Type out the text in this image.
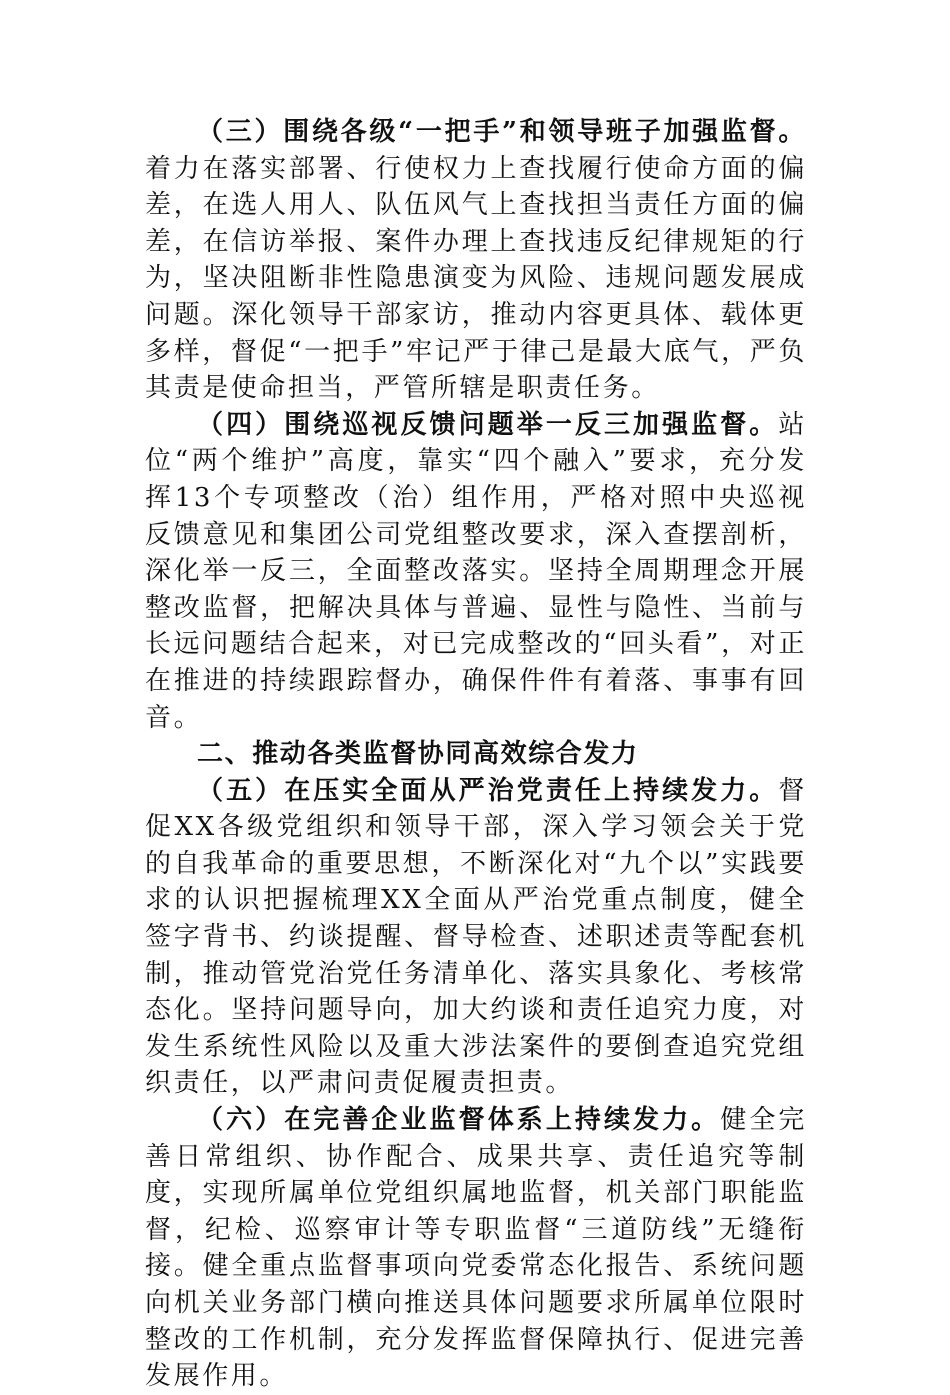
（三）围绕各级“一把手”和领导班子加强监督。着力在落实部署、行使权力上查找履行使命方面的偏差，在选人用人、队伍风气上查找担当责任方面的偏差，在信访举报、案件办理上查找违反纪律规矩的行为，坚决阻断非性隐患演变为风险、违规问题发展成问题。深化领导干部家访，推动内容更具体、载体更多样，督促“一把手”牢记严于律己是最大底气，严负其责是使命担当，严管所辖是职责任务。

（四）围绕巡视反馈问题举一反三加强监督。站位“两个维护”高度，靠实“四个融入”要求，充分发挥13个专项整改（治）组作用，严格对照中央巡视反馈意见和集团公司党组整改要求，深入查摆剖析，深化举一反三，全面整改落实。坚持全周期理念开展整改监督，把解决具体与普遍、显性与隐性、当前与长远问题结合起来，对已完成整改的“回头看”，对正在推进的持续跟踪督办，确保件件有着落、事事有回音。

二、推动各类监督协同高效综合发力

（五）在压实全面从严治党责任上持续发力。督促XX各级党组织和领导干部，深入学习领会关于党的自我革命的重要思想，不断深化对“九个以”实践要求的认识把握梳理XX全面从严治党重点制度，健全签字背书、约谈提醒、督导检查、述职述责等配套机制，推动管党治党任务清单化、落实具象化、考核常态化。坚持问题导向，加大约谈和责任追究力度，对发生系统性风险以及重大涉法案件的要倒查追究党组织责任，以严肃问责促履责担责。

（六）在完善企业监督体系上持续发力。健全完善日常组织、协作配合、成果共享、责任追究等制度，实现所属单位党组织属地监督，机关部门职能监督，纪检、巡察审计等专职监督“三道防线”无缝衔接。健全重点监督事项向党委常态化报告、系统问题向机关业务部门横向推送具体问题要求所属单位限时整改的工作机制，充分发挥监督保障执行、促进完善发展作用。
